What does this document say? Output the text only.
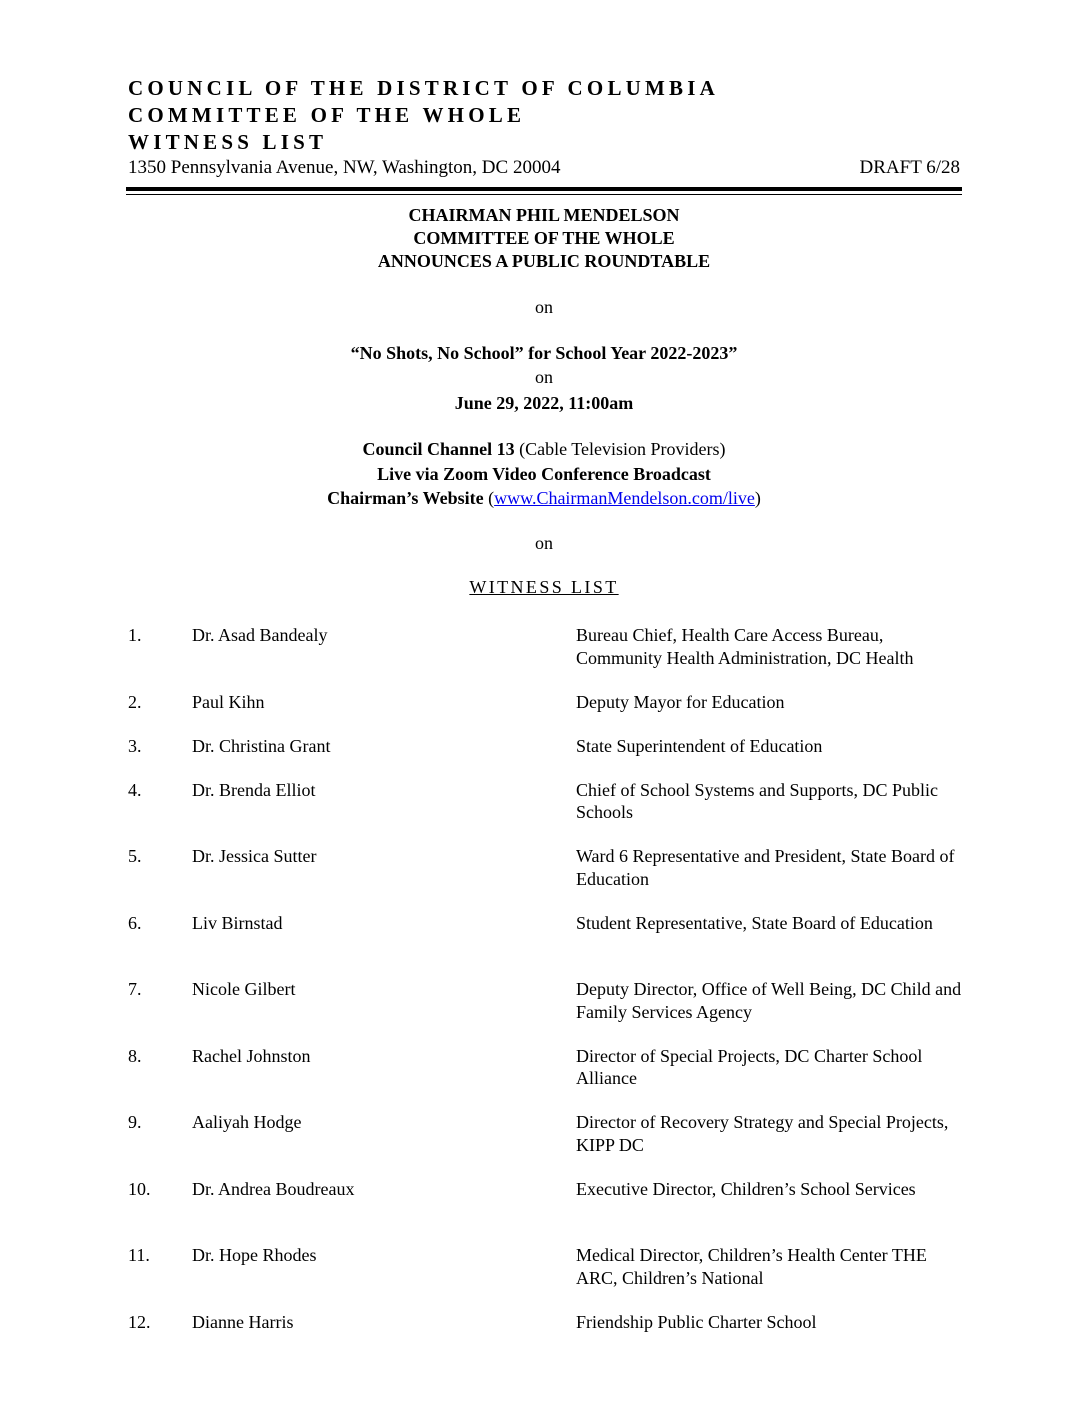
COUNCIL OF THE DISTRICT OF COLUMBIA
COMMITTEE OF THE WHOLE
WITNESS LIST
1350 Pennsylvania Avenue, NW, Washington, DC 20004	DRAFT 6/28
CHAIRMAN PHIL MENDELSON
COMMITTEE OF THE WHOLE
ANNOUNCES A PUBLIC ROUNDTABLE
on
“No Shots, No School” for School Year 2022-2023”
on
June 29, 2022, 11:00am
Council Channel 13 (Cable Television Providers)
Live via Zoom Video Conference Broadcast
Chairman’s Website (www.ChairmanMendelson.com/live)
on
WITNESS LIST
1.	Dr. Asad Bandealy	Bureau Chief, Health Care Access Bureau, Community Health Administration, DC Health
2.	Paul Kihn	Deputy Mayor for Education
3.	Dr. Christina Grant	State Superintendent of Education
4.	Dr. Brenda Elliot	Chief of School Systems and Supports, DC Public Schools
5.	Dr. Jessica Sutter	Ward 6 Representative and President, State Board of Education
6.	Liv Birnstad	Student Representative, State Board of Education
7.	Nicole Gilbert	Deputy Director, Office of Well Being, DC Child and Family Services Agency
8.	Rachel Johnston	Director of Special Projects, DC Charter School Alliance
9.	Aaliyah Hodge	Director of Recovery Strategy and Special Projects, KIPP DC
10. Dr. Andrea Boudreaux	Executive Director, Children’s School Services
11. Dr. Hope Rhodes	Medical Director, Children’s Health Center THE ARC, Children’s National
12. Dianne Harris	Friendship Public Charter School
